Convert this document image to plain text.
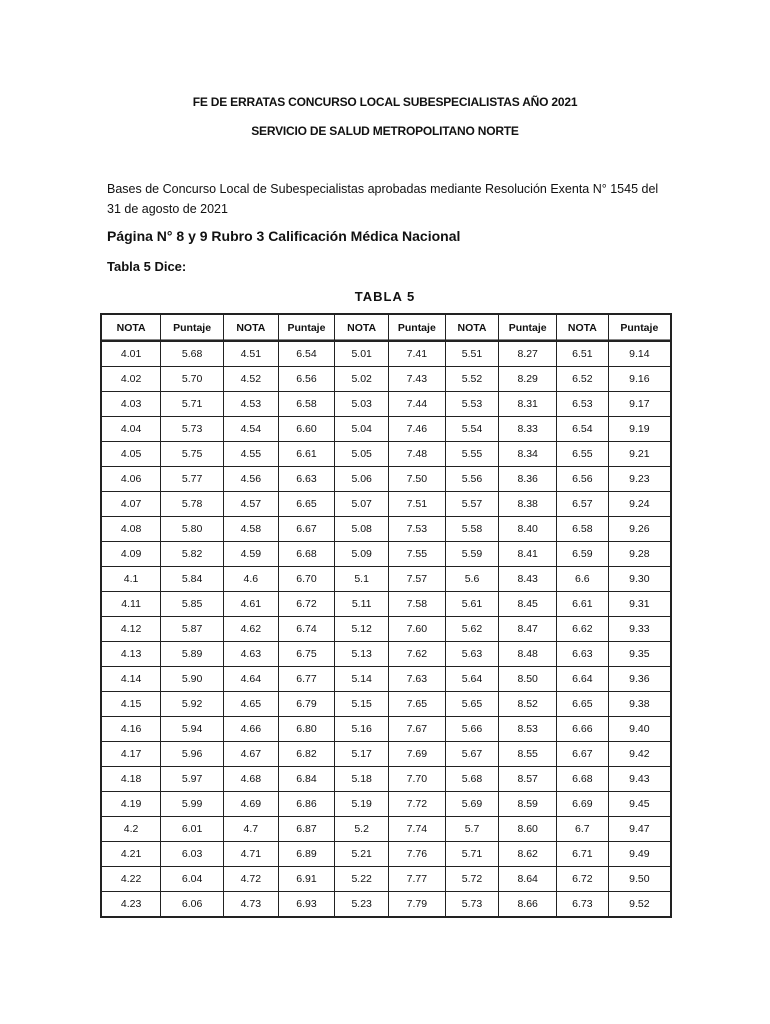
FE DE ERRATAS CONCURSO LOCAL SUBESPECIALISTAS AÑO 2021
SERVICIO DE SALUD METROPOLITANO NORTE
Bases de Concurso Local de Subespecialistas aprobadas mediante Resolución Exenta N° 1545 del 31 de agosto de 2021
Página N° 8 y 9 Rubro 3 Calificación Médica Nacional
Tabla 5 Dice:
TABLA 5
NOTA	Puntaje	NOTA	Puntaje	NOTA	Puntaje	NOTA	Puntaje	NOTA	Puntaje
4.01	5.68	4.51	6.54	5.01	7.41	5.51	8.27	6.51	9.14
4.02	5.70	4.52	6.56	5.02	7.43	5.52	8.29	6.52	9.16
4.03	5.71	4.53	6.58	5.03	7.44	5.53	8.31	6.53	9.17
4.04	5.73	4.54	6.60	5.04	7.46	5.54	8.33	6.54	9.19
4.05	5.75	4.55	6.61	5.05	7.48	5.55	8.34	6.55	9.21
4.06	5.77	4.56	6.63	5.06	7.50	5.56	8.36	6.56	9.23
4.07	5.78	4.57	6.65	5.07	7.51	5.57	8.38	6.57	9.24
4.08	5.80	4.58	6.67	5.08	7.53	5.58	8.40	6.58	9.26
4.09	5.82	4.59	6.68	5.09	7.55	5.59	8.41	6.59	9.28
4.1	5.84	4.6	6.70	5.1	7.57	5.6	8.43	6.6	9.30
4.11	5.85	4.61	6.72	5.11	7.58	5.61	8.45	6.61	9.31
4.12	5.87	4.62	6.74	5.12	7.60	5.62	8.47	6.62	9.33
4.13	5.89	4.63	6.75	5.13	7.62	5.63	8.48	6.63	9.35
4.14	5.90	4.64	6.77	5.14	7.63	5.64	8.50	6.64	9.36
4.15	5.92	4.65	6.79	5.15	7.65	5.65	8.52	6.65	9.38
4.16	5.94	4.66	6.80	5.16	7.67	5.66	8.53	6.66	9.40
4.17	5.96	4.67	6.82	5.17	7.69	5.67	8.55	6.67	9.42
4.18	5.97	4.68	6.84	5.18	7.70	5.68	8.57	6.68	9.43
4.19	5.99	4.69	6.86	5.19	7.72	5.69	8.59	6.69	9.45
4.2	6.01	4.7	6.87	5.2	7.74	5.7	8.60	6.7	9.47
4.21	6.03	4.71	6.89	5.21	7.76	5.71	8.62	6.71	9.49
4.22	6.04	4.72	6.91	5.22	7.77	5.72	8.64	6.72	9.50
4.23	6.06	4.73	6.93	5.23	7.79	5.73	8.66	6.73	9.52
